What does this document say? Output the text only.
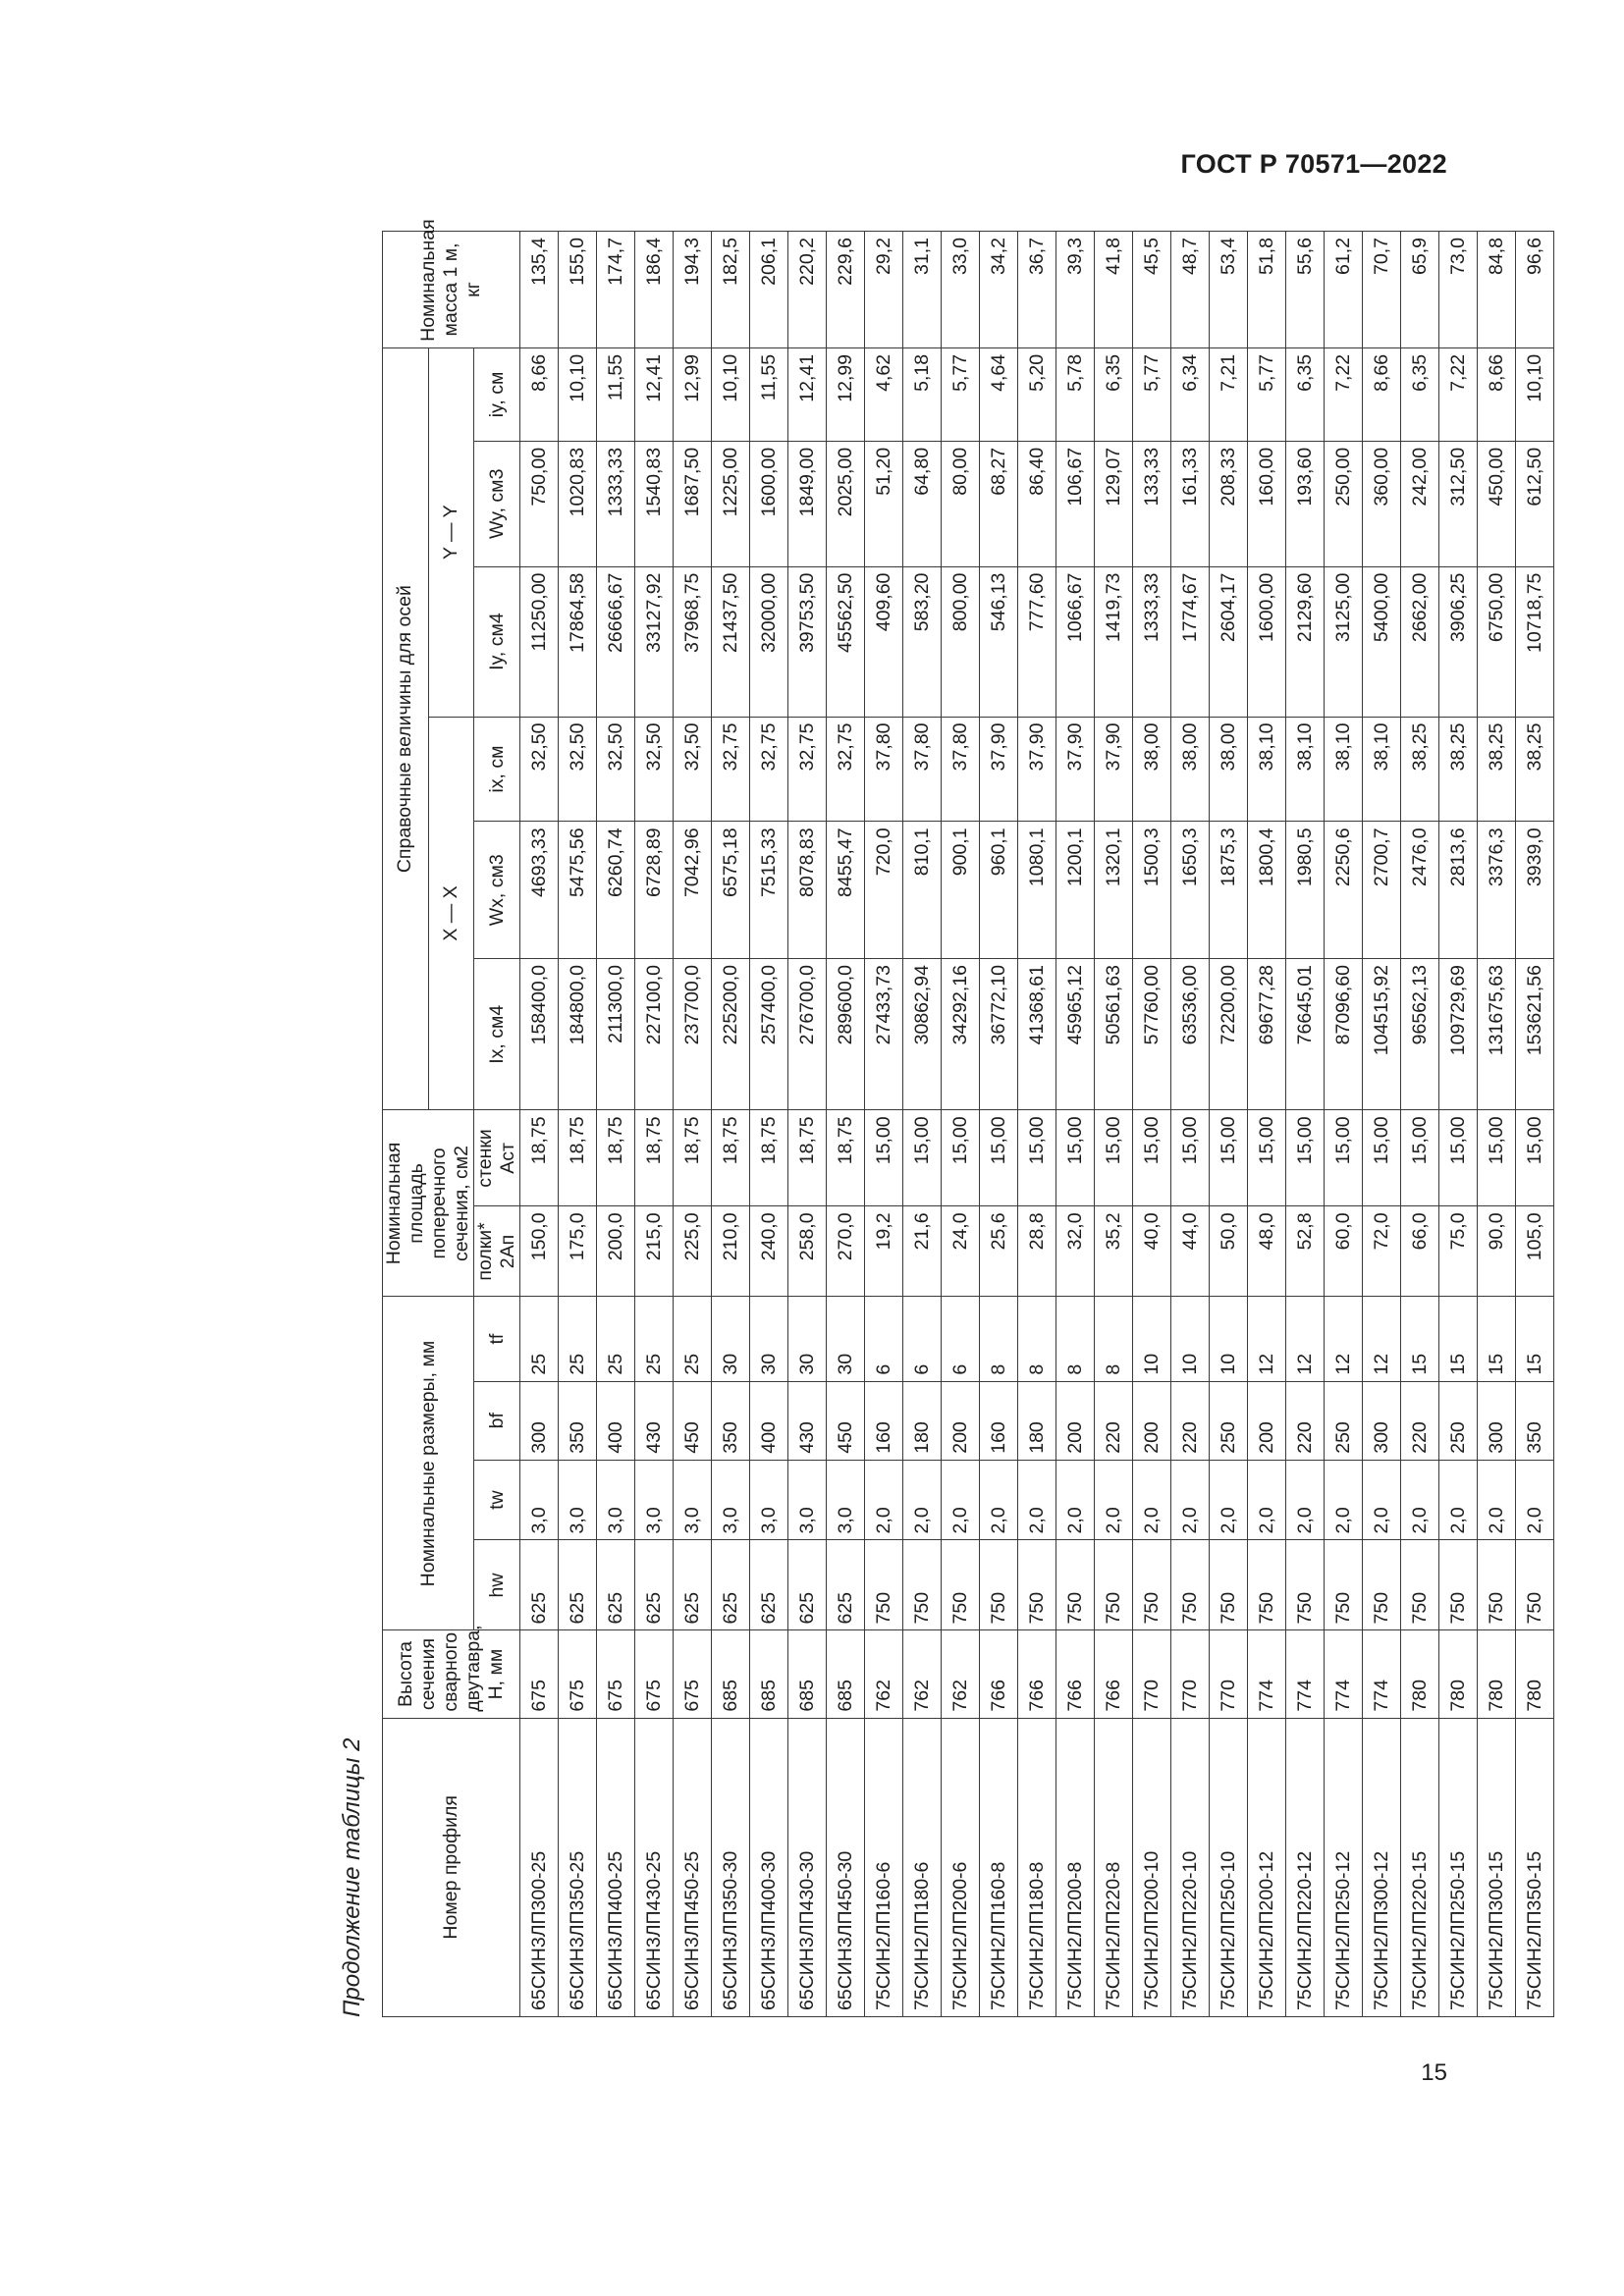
ГОСТ Р 70571—2022
Продолжение таблицы 2	Номер профиля	Высота сечения сварного двутавра, H, мм	Номинальные размеры, мм				Номинальная площадь поперечного сечения, см2		Справочные величины для осей						Номинальная масса 1 м, кг
								X — X			Y — Y			
		hw	tw	bf	tf	полки* 2Aп	стенки Aст	Ix, см4	Wx, см3	ix, см	Iy, см4	Wy, см3	iy, см	
65СИН3ЛП300-25	675	625	3,0	300	25	150,0	18,75	158400,0	4693,33	32,50	11250,00	750,00	8,66	135,4
65СИН3ЛП350-25	675	625	3,0	350	25	175,0	18,75	184800,0	5475,56	32,50	17864,58	1020,83	10,10	155,0
65СИН3ЛП400-25	675	625	3,0	400	25	200,0	18,75	211300,0	6260,74	32,50	26666,67	1333,33	11,55	174,7
65СИН3ЛП430-25	675	625	3,0	430	25	215,0	18,75	227100,0	6728,89	32,50	33127,92	1540,83	12,41	186,4
65СИН3ЛП450-25	675	625	3,0	450	25	225,0	18,75	237700,0	7042,96	32,50	37968,75	1687,50	12,99	194,3
65СИН3ЛП350-30	685	625	3,0	350	30	210,0	18,75	225200,0	6575,18	32,75	21437,50	1225,00	10,10	182,5
65СИН3ЛП400-30	685	625	3,0	400	30	240,0	18,75	257400,0	7515,33	32,75	32000,00	1600,00	11,55	206,1
65СИН3ЛП430-30	685	625	3,0	430	30	258,0	18,75	276700,0	8078,83	32,75	39753,50	1849,00	12,41	220,2
65СИН3ЛП450-30	685	625	3,0	450	30	270,0	18,75	289600,0	8455,47	32,75	45562,50	2025,00	12,99	229,6
75СИН2ЛП160-6	762	750	2,0	160	6	19,2	15,00	27433,73	720,0	37,80	409,60	51,20	4,62	29,2
75СИН2ЛП180-6	762	750	2,0	180	6	21,6	15,00	30862,94	810,1	37,80	583,20	64,80	5,18	31,1
75СИН2ЛП200-6	762	750	2,0	200	6	24,0	15,00	34292,16	900,1	37,80	800,00	80,00	5,77	33,0
75СИН2ЛП160-8	766	750	2,0	160	8	25,6	15,00	36772,10	960,1	37,90	546,13	68,27	4,64	34,2
75СИН2ЛП180-8	766	750	2,0	180	8	28,8	15,00	41368,61	1080,1	37,90	777,60	86,40	5,20	36,7
75СИН2ЛП200-8	766	750	2,0	200	8	32,0	15,00	45965,12	1200,1	37,90	1066,67	106,67	5,78	39,3
75СИН2ЛП220-8	766	750	2,0	220	8	35,2	15,00	50561,63	1320,1	37,90	1419,73	129,07	6,35	41,8
75СИН2ЛП200-10	770	750	2,0	200	10	40,0	15,00	57760,00	1500,3	38,00	1333,33	133,33	5,77	45,5
75СИН2ЛП220-10	770	750	2,0	220	10	44,0	15,00	63536,00	1650,3	38,00	1774,67	161,33	6,34	48,7
75СИН2ЛП250-10	770	750	2,0	250	10	50,0	15,00	72200,00	1875,3	38,00	2604,17	208,33	7,21	53,4
75СИН2ЛП200-12	774	750	2,0	200	12	48,0	15,00	69677,28	1800,4	38,10	1600,00	160,00	5,77	51,8
75СИН2ЛП220-12	774	750	2,0	220	12	52,8	15,00	76645,01	1980,5	38,10	2129,60	193,60	6,35	55,6
75СИН2ЛП250-12	774	750	2,0	250	12	60,0	15,00	87096,60	2250,6	38,10	3125,00	250,00	7,22	61,2
75СИН2ЛП300-12	774	750	2,0	300	12	72,0	15,00	104515,92	2700,7	38,10	5400,00	360,00	8,66	70,7
75СИН2ЛП220-15	780	750	2,0	220	15	66,0	15,00	96562,13	2476,0	38,25	2662,00	242,00	6,35	65,9
75СИН2ЛП250-15	780	750	2,0	250	15	75,0	15,00	109729,69	2813,6	38,25	3906,25	312,50	7,22	73,0
75СИН2ЛП300-15	780	750	2,0	300	15	90,0	15,00	131675,63	3376,3	38,25	6750,00	450,00	8,66	84,8
75СИН2ЛП350-15	780	750	2,0	350	15	105,0	15,00	153621,56	3939,0	38,25	10718,75	612,50	10,10	96,6
15
